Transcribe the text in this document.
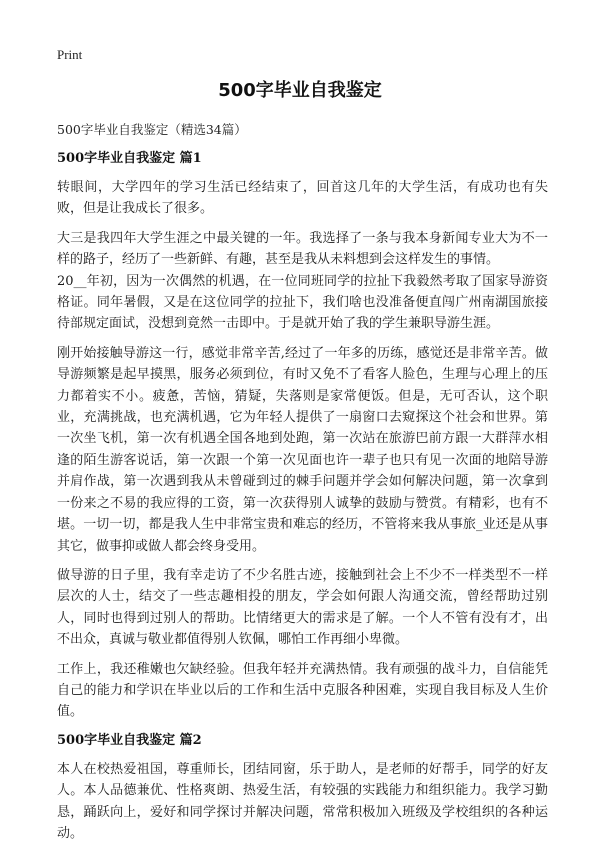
Print
500字毕业自我鉴定
500字毕业自我鉴定（精选34篇）
500字毕业自我鉴定 篇1

转眼间，大学四年的学习生活已经结束了，回首这几年的大学生活，有成功也有失败，但是让我成长了很多。

大三是我四年大学生涯之中最关键的一年。我选择了一条与我本身新闻专业大为不一样的路子，经历了一些新鲜、有趣，甚至是我从未料想到会这样发生的事情。

20__年初，因为一次偶然的机遇，在一位同班同学的拉扯下我毅然考取了国家导游资格证。同年暑假，又是在这位同学的拉扯下，我们啥也没准备便直闯广州南湖国旅接待部规定面试，没想到竟然一击即中。于是就开始了我的学生兼职导游生涯。

刚开始接触导游这一行，感觉非常辛苦,经过了一年多的历练，感觉还是非常辛苦。做导游频繁是起早摸黑，服务必须到位，有时又免不了看客人脸色，生理与心理上的压力都着实不小。疲惫，苦恼，猜疑，失落则是家常便饭。但是，无可否认，这个职业，充满挑战，也充满机遇，它为年轻人提供了一扇窗口去窥探这个社会和世界。第一次坐飞机，第一次有机遇全国各地到处跑，第一次站在旅游巴前方跟一大群萍水相逢的陌生游客说话，第一次跟一个第一次见面也许一辈子也只有见一次面的地陪导游并肩作战，第一次遇到我从未曾碰到过的棘手问题并学会如何解决问题，第一次拿到一份来之不易的我应得的工资，第一次获得别人诚挚的鼓励与赞赏。有精彩，也有不堪。一切一切，都是我人生中非常宝贵和难忘的经历，不管将来我从事旅_业还是从事其它，做事抑或做人都会终身受用。

做导游的日子里，我有幸走访了不少名胜古迹，接触到社会上不少不一样类型不一样层次的人士，结交了一些志趣相投的朋友，学会如何跟人沟通交流，曾经帮助过别人，同时也得到过别人的帮助。比情绪更大的需求是了解。一个人不管有没有才，出不出众，真诚与敬业都值得别人钦佩，哪怕工作再细小卑微。

工作上，我还稚嫩也欠缺经验。但我年轻并充满热情。我有顽强的战斗力，自信能凭自己的能力和学识在毕业以后的工作和生活中克服各种困难，实现自我目标及人生价值。

500字毕业自我鉴定 篇2

本人在校热爱祖国，尊重师长，团结同窗，乐于助人，是老师的好帮手，同学的好友人。本人品德兼优、性格爽朗、热爱生活，有较强的实践能力和组织能力。我学习勤恳，踊跃向上，爱好和同学探讨并解决问题，常常积极加入班级及学校组织的各种运动。
